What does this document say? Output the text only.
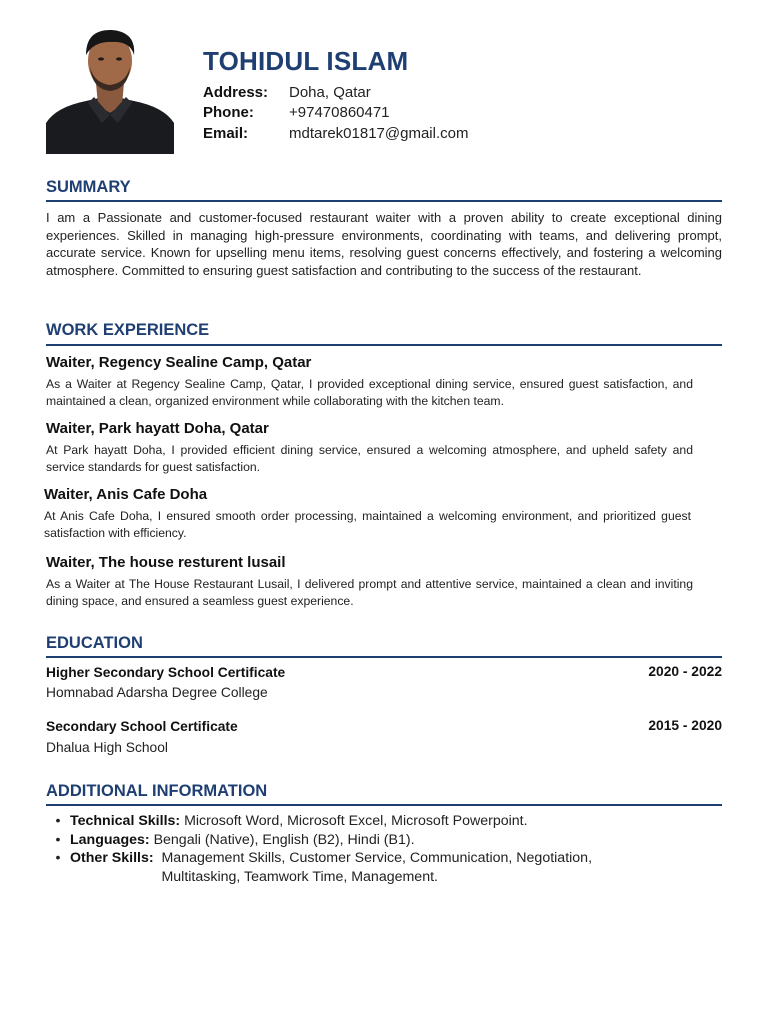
TOHIDUL ISLAM
Address:	Doha, Qatar
Phone:	+97470860471
Email:	mdtarek01817@gmail.com
SUMMARY
I am a Passionate and customer-focused restaurant waiter with a proven ability to create exceptional dining experiences. Skilled in managing high-pressure environments, coordinating with teams, and delivering prompt, accurate service. Known for upselling menu items, resolving guest concerns effectively, and fostering a welcoming atmosphere. Committed to ensuring guest satisfaction and contributing to the success of the restaurant.
WORK EXPERIENCE
Waiter, Regency Sealine Camp, Qatar
As a Waiter at Regency Sealine Camp, Qatar, I provided exceptional dining service, ensured guest satisfaction, and maintained a clean, organized environment while collaborating with the kitchen team.
Waiter, Park hayatt Doha, Qatar
At Park hayatt Doha, I provided efficient dining service, ensured a welcoming atmosphere, and upheld safety and service standards for guest satisfaction.
Waiter, Anis Cafe Doha
At Anis Cafe Doha, I ensured smooth order processing, maintained a welcoming environment, and prioritized guest satisfaction with efficiency.
Waiter, The house resturent lusail
As a Waiter at The House Restaurant Lusail, I delivered prompt and attentive service, maintained a clean and inviting dining space, and ensured a seamless guest experience.
EDUCATION
Higher Secondary School Certificate	2020 - 2022
Homnabad Adarsha Degree College
Secondary School Certificate	2015 - 2020
Dhalua High School
ADDITIONAL INFORMATION
• Technical Skills: Microsoft Word, Microsoft Excel, Microsoft Powerpoint.
• Languages: Bengali (Native), English (B2), Hindi (B1).
• Other Skills: Management Skills, Customer Service, Communication, Negotiation, Multitasking, Teamwork Time, Management.
